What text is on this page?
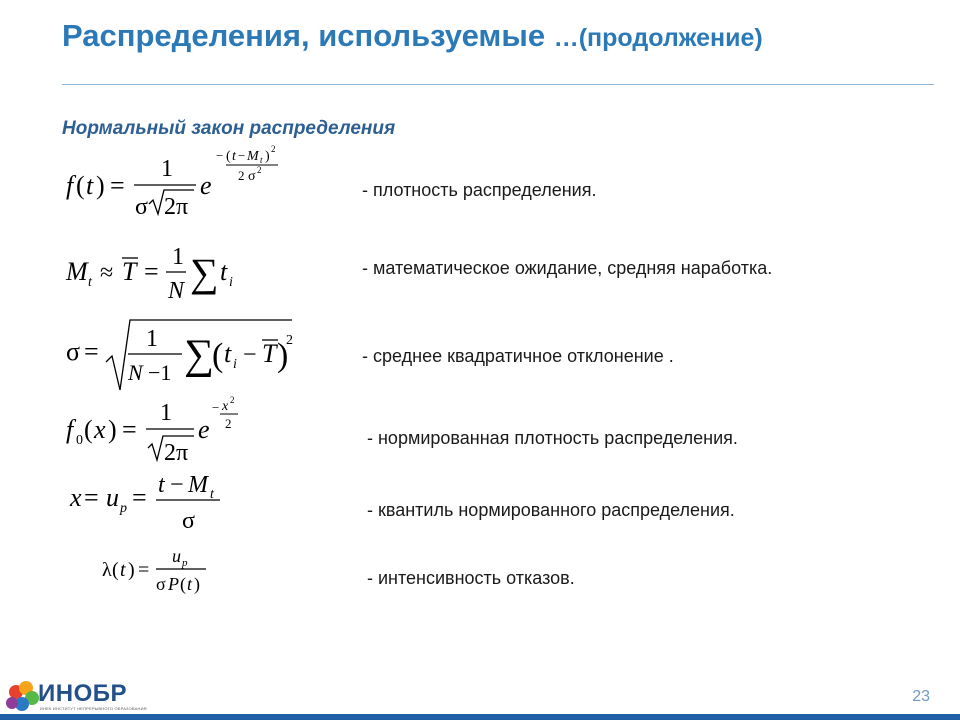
Распределения, используемые …(продолжение)
Нормальный закон распределения
f ( t ) =
1
σ 2π
e
− ( t − M t ) 2
2 σ 2
- плотность распределения.
M t ≈ T = 1
N ∑ t i
- математическое ожидание, средняя наработка.
σ = 1
N −1 ∑
( t i − T )
2
- среднее квадратичное отклонение .
f 0 ( x ) =
1
2π
e
− x 2
2
- нормированная плотность распределения.
x = u p = t − M t
σ	- квантиль нормированного распределения.
λ ( t ) =
u p
σ P ( t )	- интенсивность отказов.
ИНОБР
ИНЕК ИНСТИТУТ НЕПРЕРЫВНОГО ОБРАЗОВАНИЯ
23
